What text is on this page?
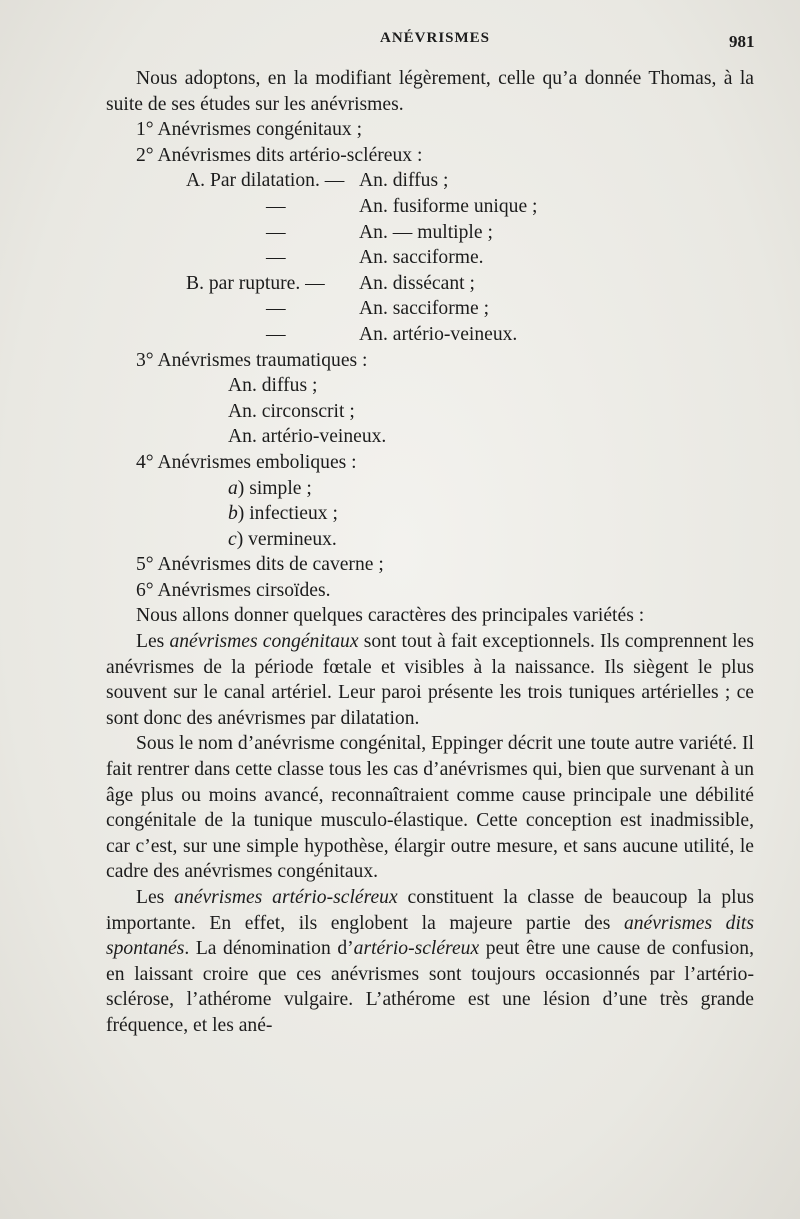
ANÉVRISMES	981

Nous adoptons, en la modifiant légèrement, celle qu’a donnée Thomas, à la suite de ses études sur les anévrismes.

1° Anévrismes congénitaux ;
2° Anévrismes dits artério-scléreux :
A. Par dilatation. — An. diffus ;
—	An. fusiforme unique ;
—	An. — multiple ;
—	An. sacciforme.
B. par rupture. —	An. dissécant ;
—	An. sacciforme ;
—	An. artério-veineux.
3° Anévrismes traumatiques :
An. diffus ;
An. circonscrit ;
An. artério-veineux.
4° Anévrismes emboliques :
a) simple ;
b) infectieux ;
c) vermineux.
5° Anévrismes dits de caverne ;
6° Anévrismes cirsoïdes.

Nous allons donner quelques caractères des principales variétés :

Les anévrismes congénitaux sont tout à fait exceptionnels. Ils comprennent les anévrismes de la période fœtale et visibles à la naissance. Ils siègent le plus souvent sur le canal artériel. Leur paroi présente les trois tuniques artérielles ; ce sont donc des anévrismes par dilatation.

Sous le nom d’anévrisme congénital, Eppinger décrit une toute autre variété. Il fait rentrer dans cette classe tous les cas d’anévrismes qui, bien que survenant à un âge plus ou moins avancé, reconnaîtraient comme cause principale une débilité congénitale de la tunique musculo-élastique. Cette conception est inadmissible, car c’est, sur une simple hypothèse, élargir outre mesure, et sans aucune utilité, le cadre des anévrismes congénitaux.

Les anévrismes artério-scléreux constituent la classe de beaucoup la plus importante. En effet, ils englobent la majeure partie des anévrismes dits spontanés. La dénomination d’artério-scléreux peut être une cause de confusion, en laissant croire que ces anévrismes sont toujours occasionnés par l’artério-sclérose, l’athérome vulgaire. L’athérome est une lésion d’une très grande fréquence, et les ané-
